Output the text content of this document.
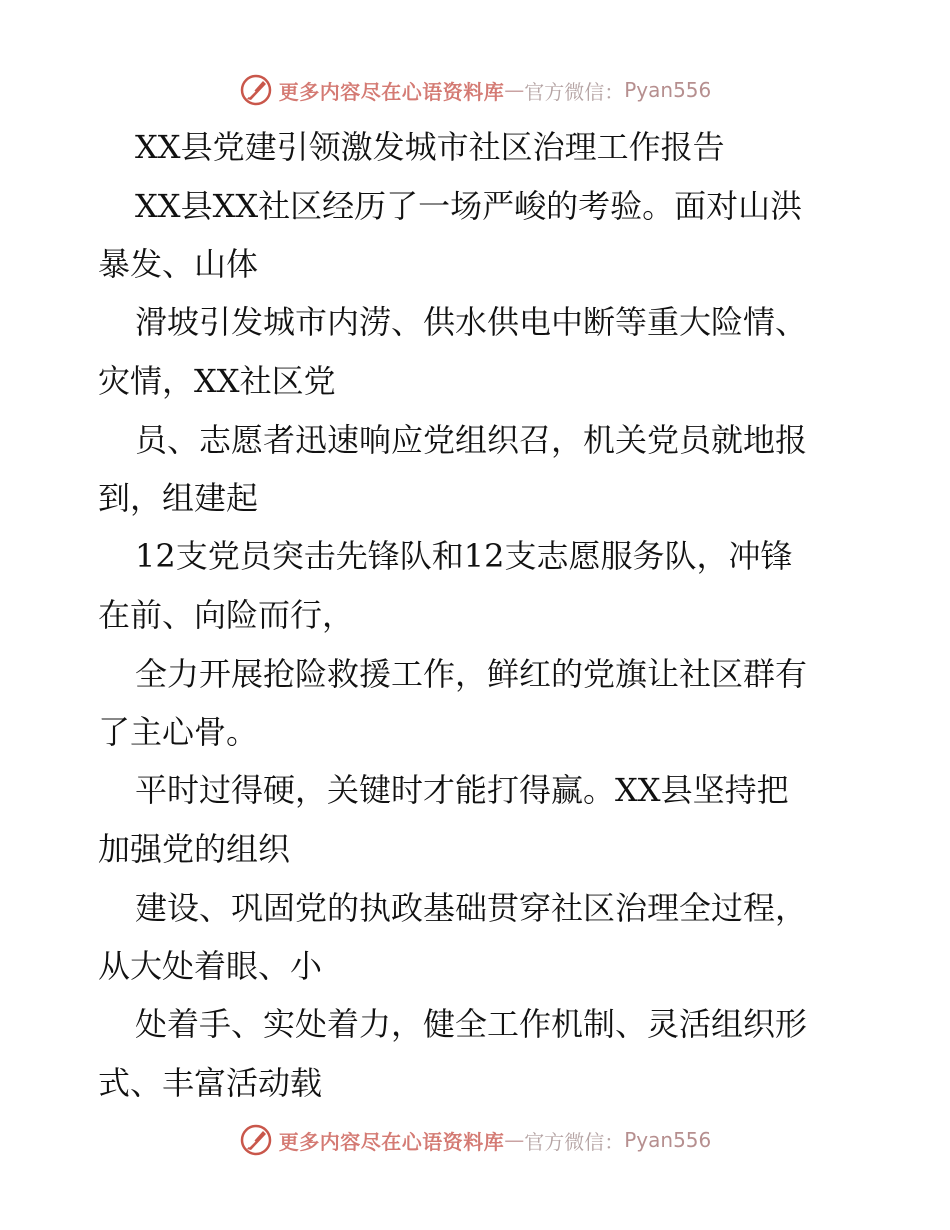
更多内容尽在心语资料库 — 官方微信： Pyan556
XX县党建引领激发城市社区治理工作报告
XX县XX社区经历了一场严峻的考验。面对山洪
暴发、山体
滑坡引发城市内涝、供水供电中断等重大险情、
灾情，XX社区党
员、志愿者迅速响应党组织召，机关党员就地报
到，组建起
12支党员突击先锋队和12支志愿服务队，冲锋
在前、向险而行，
全力开展抢险救援工作，鲜红的党旗让社区群有
了主心骨。
平时过得硬，关键时才能打得赢。XX县坚持把
加强党的组织
建设、巩固党的执政基础贯穿社区治理全过程，
从大处着眼、小
处着手、实处着力，健全工作机制、灵活组织形
式、丰富活动载
更多内容尽在心语资料库 — 官方微信： Pyan556
